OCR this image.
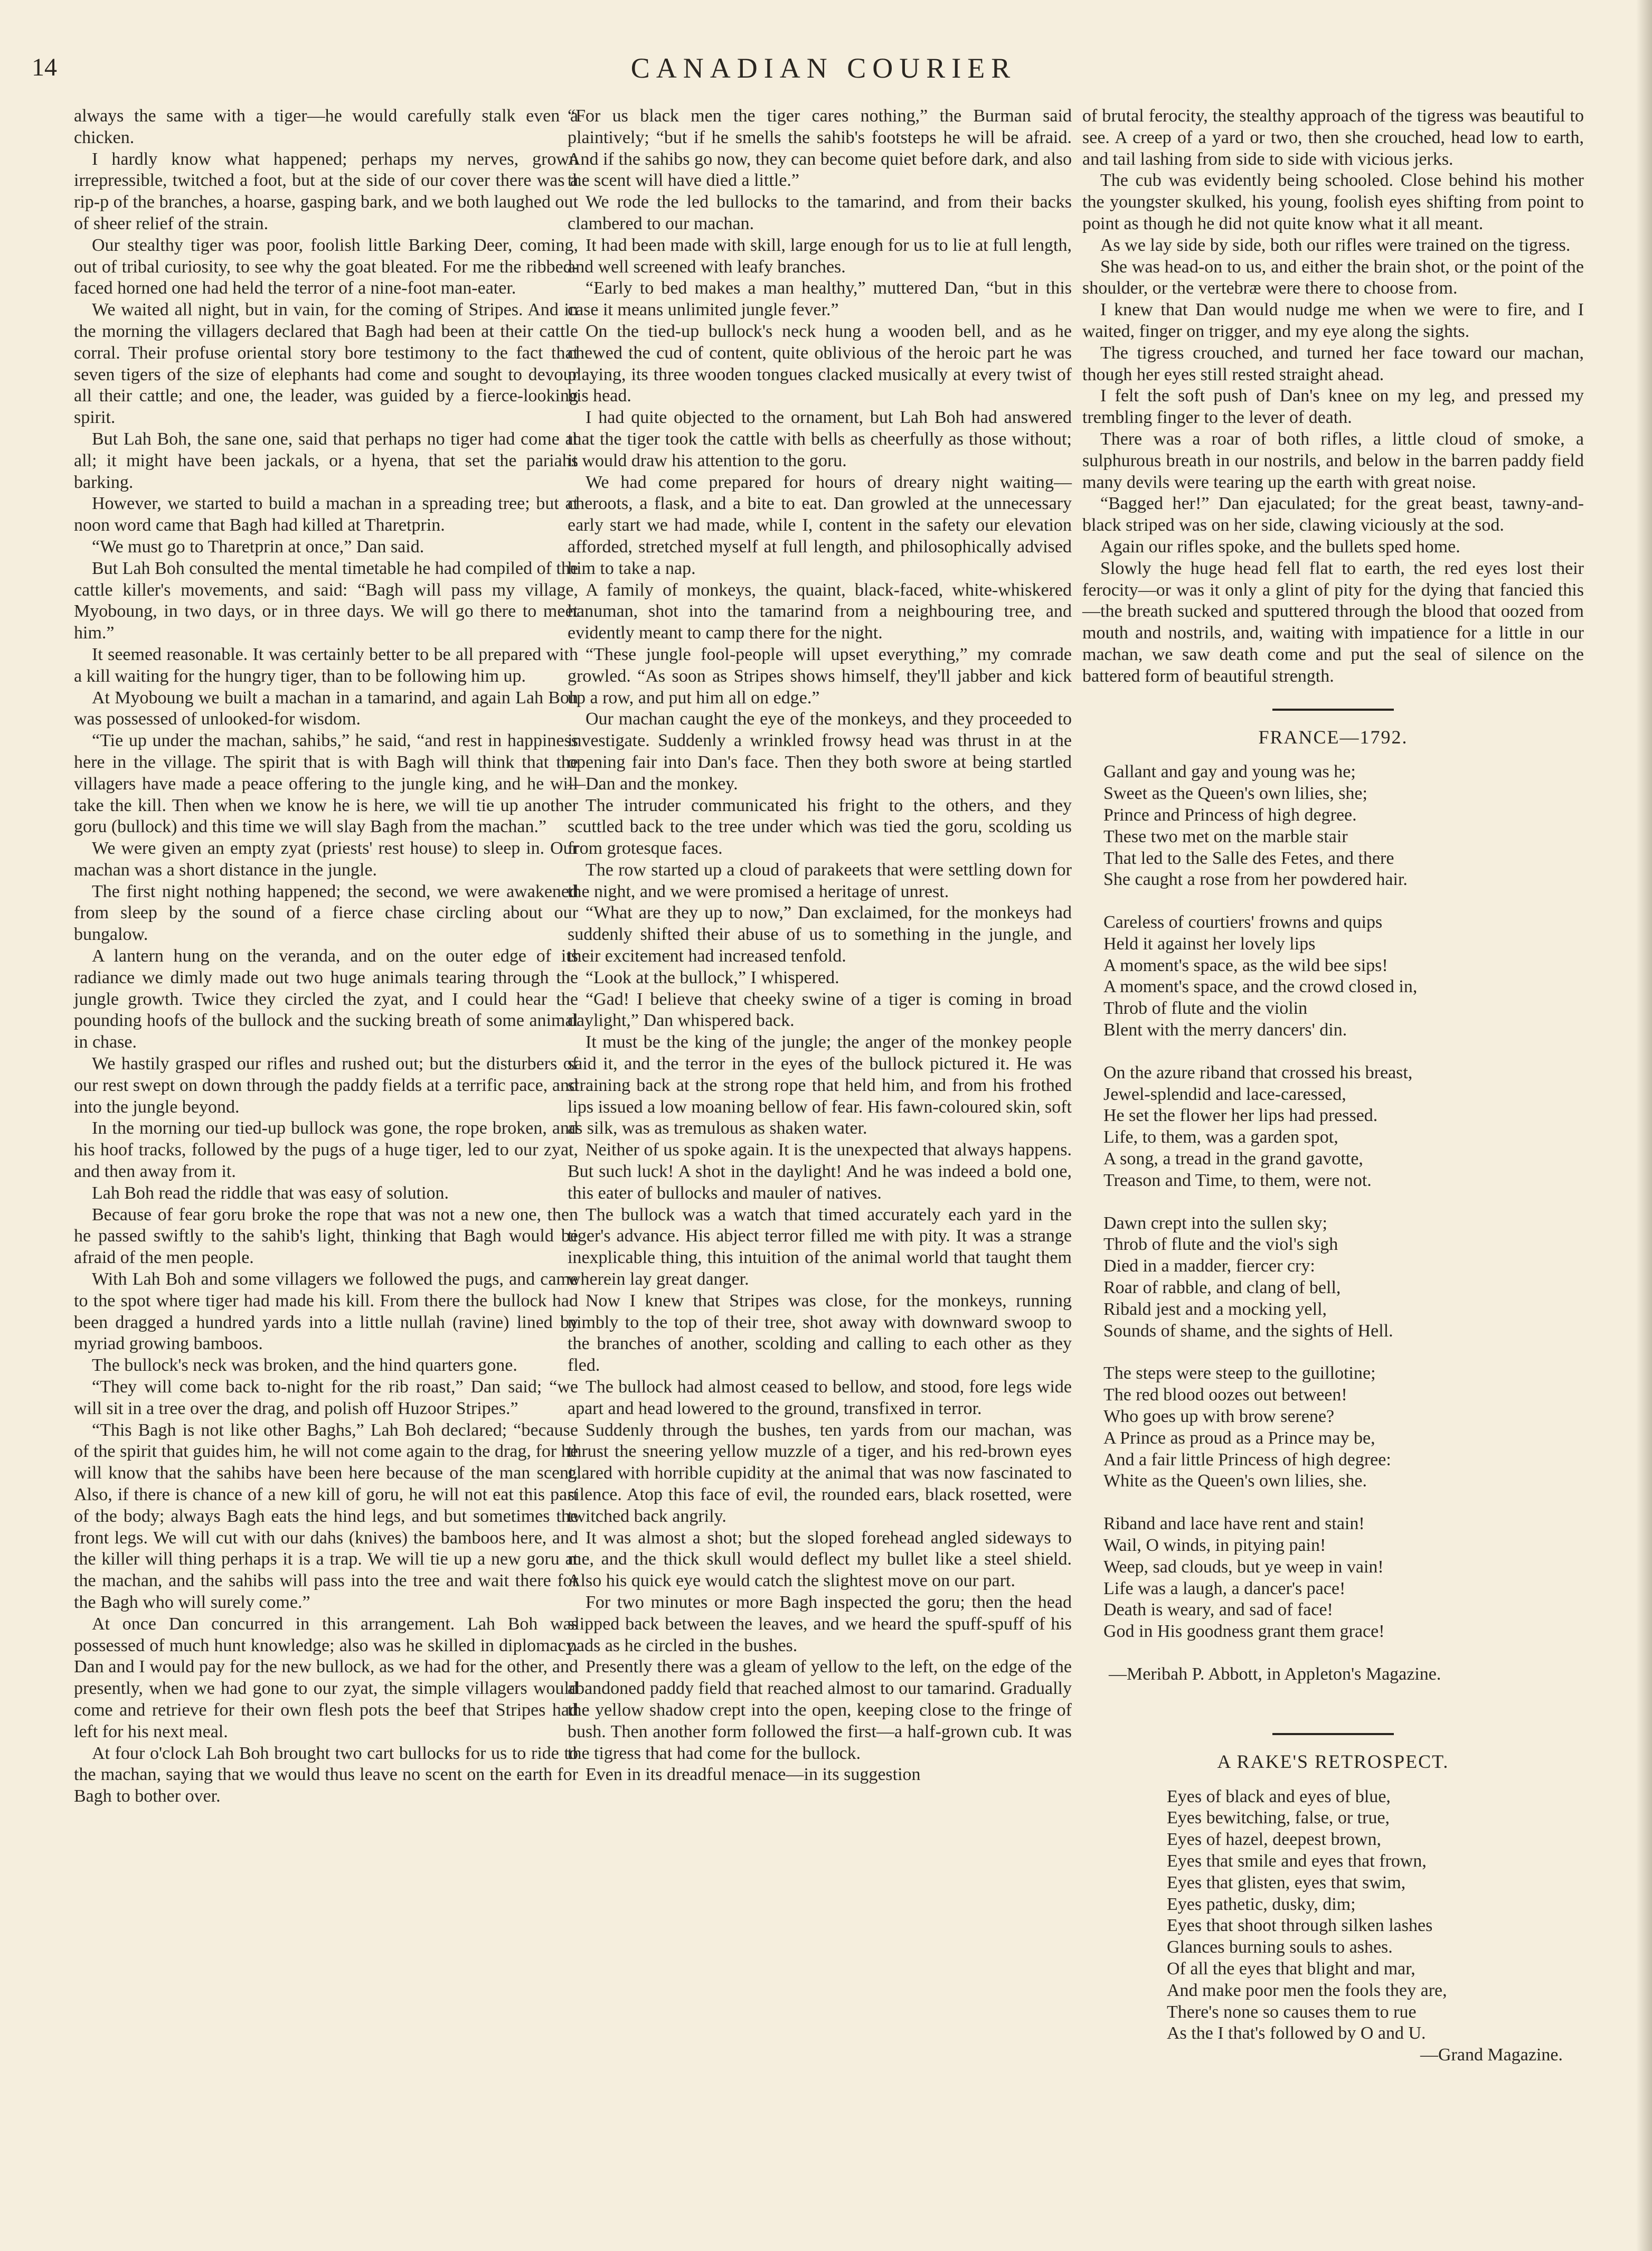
14	CANADIAN COURIER

always the same with a tiger—he would carefully stalk even a chicken.

I hardly know what happened; perhaps my nerves, grown irrepressible, twitched a foot, but at the side of our cover there was a rip-p of the branches, a hoarse, gasping bark, and we both laughed out of sheer relief of the strain.

Our stealthy tiger was poor, foolish little Barking Deer, coming, out of tribal curiosity, to see why the goat bleated. For me the ribbed-faced horned one had held the terror of a nine-foot man-eater.

We waited all night, but in vain, for the coming of Stripes. And in the morning the villagers declared that Bagh had been at their cattle corral. Their profuse oriental story bore testimony to the fact that seven tigers of the size of elephants had come and sought to devour all their cattle; and one, the leader, was guided by a fierce-looking spirit.

But Lah Boh, the sane one, said that perhaps no tiger had come at all; it might have been jackals, or a hyena, that set the pariahs barking.

However, we started to build a machan in a spreading tree; but at noon word came that Bagh had killed at Tharetprin.

“We must go to Tharetprin at once,” Dan said.

But Lah Boh consulted the mental timetable he had compiled of the cattle killer's movements, and said: “Bagh will pass my village, Myoboung, in two days, or in three days. We will go there to meet him.”

It seemed reasonable. It was certainly better to be all prepared with a kill waiting for the hungry tiger, than to be following him up.

At Myoboung we built a machan in a tamarind, and again Lah Boh was possessed of unlooked-for wisdom.

“Tie up under the machan, sahibs,” he said, “and rest in happiness here in the village. The spirit that is with Bagh will think that the villagers have made a peace offering to the jungle king, and he will take the kill. Then when we know he is here, we will tie up another goru (bullock) and this time we will slay Bagh from the machan.”

We were given an empty zyat (priests' rest house) to sleep in. Our machan was a short distance in the jungle.

The first night nothing happened; the second, we were awakened from sleep by the sound of a fierce chase circling about our bungalow.

A lantern hung on the veranda, and on the outer edge of its radiance we dimly made out two huge animals tearing through the jungle growth. Twice they circled the zyat, and I could hear the pounding hoofs of the bullock and the sucking breath of some animal in chase.

We hastily grasped our rifles and rushed out; but the disturbers of our rest swept on down through the paddy fields at a terrific pace, and into the jungle beyond.

In the morning our tied-up bullock was gone, the rope broken, and his hoof tracks, followed by the pugs of a huge tiger, led to our zyat, and then away from it.

Lah Boh read the riddle that was easy of solution.

Because of fear goru broke the rope that was not a new one, then he passed swiftly to the sahib's light, thinking that Bagh would be afraid of the men people.

With Lah Boh and some villagers we followed the pugs, and came to the spot where tiger had made his kill. From there the bullock had been dragged a hundred yards into a little nullah (ravine) lined by myriad growing bamboos.

The bullock's neck was broken, and the hind quarters gone.

“They will come back to-night for the rib roast,” Dan said; “we will sit in a tree over the drag, and polish off Huzoor Stripes.”

“This Bagh is not like other Baghs,” Lah Boh declared; “because of the spirit that guides him, he will not come again to the drag, for he will know that the sahibs have been here because of the man scent. Also, if there is chance of a new kill of goru, he will not eat this part of the body; always Bagh eats the hind legs, and but sometimes the front legs. We will cut with our dahs (knives) the bamboos here, and the killer will thing perhaps it is a trap. We will tie up a new goru at the machan, and the sahibs will pass into the tree and wait there for the Bagh who will surely come.”

At once Dan concurred in this arrangement. Lah Boh was possessed of much hunt knowledge; also was he skilled in diplomacy. Dan and I would pay for the new bullock, as we had for the other, and presently, when we had gone to our zyat, the simple villagers would come and retrieve for their own flesh pots the beef that Stripes had left for his next meal.

At four o'clock Lah Boh brought two cart bullocks for us to ride to the machan, saying that we would thus leave no scent on the earth for Bagh to bother over.

“For us black men the tiger cares nothing,” the Burman said plaintively; “but if he smells the sahib's footsteps he will be afraid. And if the sahibs go now, they can become quiet before dark, and also the scent will have died a little.”

We rode the led bullocks to the tamarind, and from their backs clambered to our machan.

It had been made with skill, large enough for us to lie at full length, and well screened with leafy branches.

“Early to bed makes a man healthy,” muttered Dan, “but in this case it means unlimited jungle fever.”

On the tied-up bullock's neck hung a wooden bell, and as he chewed the cud of content, quite oblivious of the heroic part he was playing, its three wooden tongues clacked musically at every twist of his head.

I had quite objected to the ornament, but Lah Boh had answered that the tiger took the cattle with bells as cheerfully as those without; it would draw his attention to the goru.

We had come prepared for hours of dreary night waiting—cheroots, a flask, and a bite to eat. Dan growled at the unnecessary early start we had made, while I, content in the safety our elevation afforded, stretched myself at full length, and philosophically advised him to take a nap.

A family of monkeys, the quaint, black-faced, white-whiskered hanuman, shot into the tamarind from a neighbouring tree, and evidently meant to camp there for the night.

“These jungle fool-people will upset everything,” my comrade growled. “As soon as Stripes shows himself, they'll jabber and kick up a row, and put him all on edge.”

Our machan caught the eye of the monkeys, and they proceeded to investigate. Suddenly a wrinkled frowsy head was thrust in at the opening fair into Dan's face. Then they both swore at being startled —Dan and the monkey.

The intruder communicated his fright to the others, and they scuttled back to the tree under which was tied the goru, scolding us from grotesque faces.

The row started up a cloud of parakeets that were settling down for the night, and we were promised a heritage of unrest.

“What are they up to now,” Dan exclaimed, for the monkeys had suddenly shifted their abuse of us to something in the jungle, and their excitement had increased tenfold.

“Look at the bullock,” I whispered.

“Gad! I believe that cheeky swine of a tiger is coming in broad daylight,” Dan whispered back.

It must be the king of the jungle; the anger of the monkey people said it, and the terror in the eyes of the bullock pictured it. He was straining back at the strong rope that held him, and from his frothed lips issued a low moaning bellow of fear. His fawn-coloured skin, soft as silk, was as tremulous as shaken water.

Neither of us spoke again. It is the unexpected that always happens. But such luck! A shot in the daylight! And he was indeed a bold one, this eater of bullocks and mauler of natives.

The bullock was a watch that timed accurately each yard in the tiger's advance. His abject terror filled me with pity. It was a strange inexplicable thing, this intuition of the animal world that taught them wherein lay great danger.

Now I knew that Stripes was close, for the monkeys, running nimbly to the top of their tree, shot away with downward swoop to the branches of another, scolding and calling to each other as they fled.

The bullock had almost ceased to bellow, and stood, fore legs wide apart and head lowered to the ground, transfixed in terror.

Suddenly through the bushes, ten yards from our machan, was thrust the sneering yellow muzzle of a tiger, and his red-brown eyes glared with horrible cupidity at the animal that was now fascinated to silence. Atop this face of evil, the rounded ears, black rosetted, were twitched back angrily.

It was almost a shot; but the sloped forehead angled sideways to me, and the thick skull would deflect my bullet like a steel shield. Also his quick eye would catch the slightest move on our part.

For two minutes or more Bagh inspected the goru; then the head slipped back between the leaves, and we heard the spuff-spuff of his pads as he circled in the bushes.

Presently there was a gleam of yellow to the left, on the edge of the abandoned paddy field that reached almost to our tamarind. Gradually the yellow shadow crept into the open, keeping close to the fringe of bush. Then another form followed the first—a half-grown cub. It was the tigress that had come for the bullock.

Even in its dreadful menace—in its suggestion

of brutal ferocity, the stealthy approach of the tigress was beautiful to see. A creep of a yard or two, then she crouched, head low to earth, and tail lashing from side to side with vicious jerks.

The cub was evidently being schooled. Close behind his mother the youngster skulked, his young, foolish eyes shifting from point to point as though he did not quite know what it all meant.

As we lay side by side, both our rifles were trained on the tigress.

She was head-on to us, and either the brain shot, or the point of the shoulder, or the vertebræ were there to choose from.

I knew that Dan would nudge me when we were to fire, and I waited, finger on trigger, and my eye along the sights.

The tigress crouched, and turned her face toward our machan, though her eyes still rested straight ahead.

I felt the soft push of Dan's knee on my leg, and pressed my trembling finger to the lever of death.

There was a roar of both rifles, a little cloud of smoke, a sulphurous breath in our nostrils, and below in the barren paddy field many devils were tearing up the earth with great noise.

“Bagged her!” Dan ejaculated; for the great beast, tawny-and-black striped was on her side, clawing viciously at the sod.

Again our rifles spoke, and the bullets sped home.

Slowly the huge head fell flat to earth, the red eyes lost their ferocity—or was it only a glint of pity for the dying that fancied this—the breath sucked and sputtered through the blood that oozed from mouth and nostrils, and, waiting with impatience for a little in our machan, we saw death come and put the seal of silence on the battered form of beautiful strength.

FRANCE—1792.
Gallant and gay and young was he;
Sweet as the Queen's own lilies, she;
Prince and Princess of high degree.
These two met on the marble stair
That led to the Salle des Fetes, and there
She caught a rose from her powdered hair.
Careless of courtiers' frowns and quips
Held it against her lovely lips
A moment's space, as the wild bee sips!
A moment's space, and the crowd closed in,
Throb of flute and the violin
Blent with the merry dancers' din.
On the azure riband that crossed his breast,
Jewel-splendid and lace-caressed,
He set the flower her lips had pressed.
Life, to them, was a garden spot,
A song, a tread in the grand gavotte,
Treason and Time, to them, were not.
Dawn crept into the sullen sky;
Throb of flute and the viol's sigh
Died in a madder, fiercer cry:
Roar of rabble, and clang of bell,
Ribald jest and a mocking yell,
Sounds of shame, and the sights of Hell.
The steps were steep to the guillotine;
The red blood oozes out between!
Who goes up with brow serene?
A Prince as proud as a Prince may be,
And a fair little Princess of high degree:
White as the Queen's own lilies, she.
Riband and lace have rent and stain!
Wail, O winds, in pitying pain!
Weep, sad clouds, but ye weep in vain!
Life was a laugh, a dancer's pace!
Death is weary, and sad of face!
God in His goodness grant them grace!
—Meribah P. Abbott, in Appleton's Magazine.
A RAKE'S RETROSPECT.
Eyes of black and eyes of blue,
Eyes bewitching, false, or true,
Eyes of hazel, deepest brown,
Eyes that smile and eyes that frown,
Eyes that glisten, eyes that swim,
Eyes pathetic, dusky, dim;
Eyes that shoot through silken lashes
Glances burning souls to ashes.
Of all the eyes that blight and mar,
And make poor men the fools they are,
There's none so causes them to rue
As the I that's followed by O and U.
—Grand Magazine.
